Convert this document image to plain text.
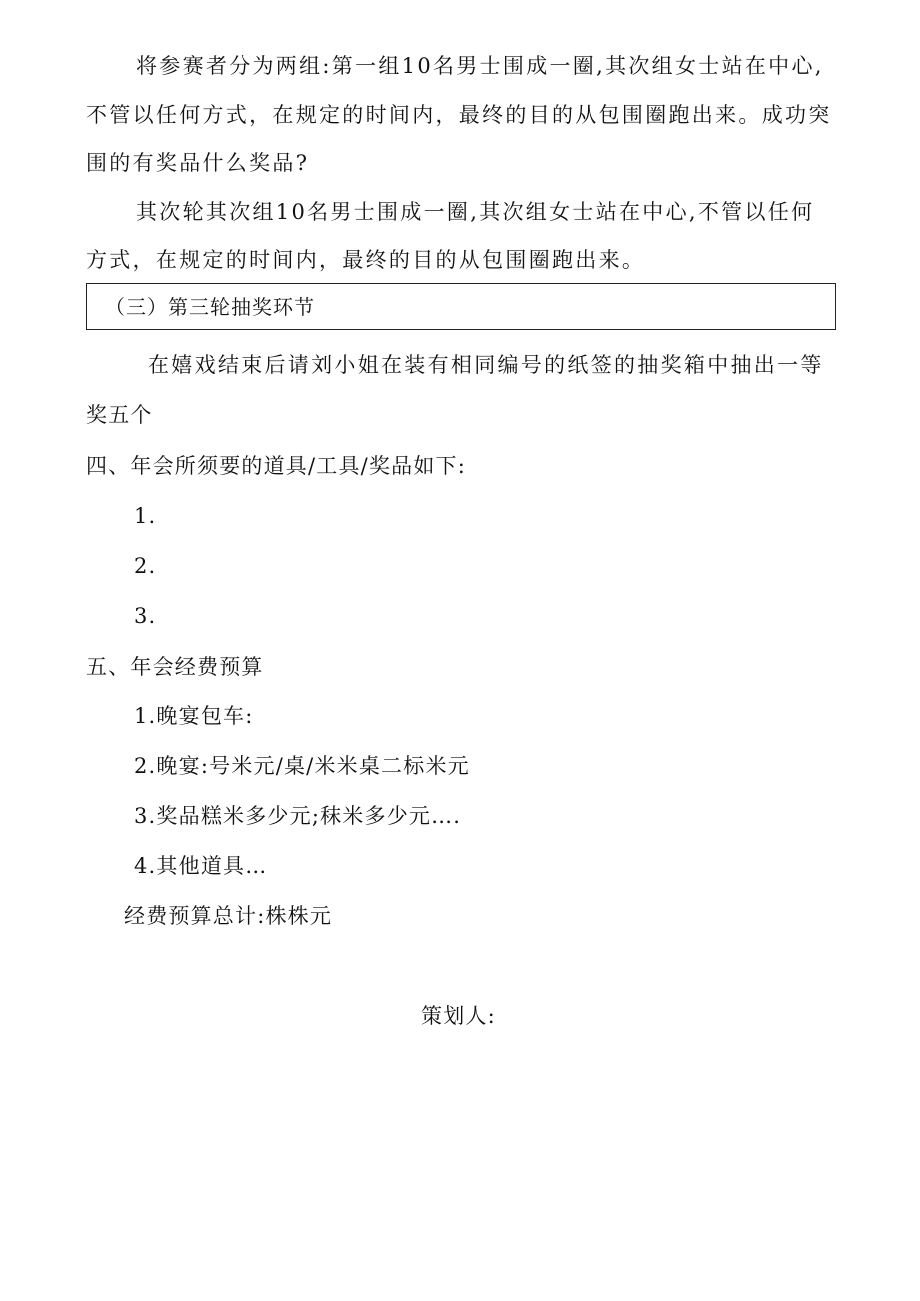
将参赛者分为两组:第一组10名男士围成一圈,其次组女士站在中心,
不管以任何方式，在规定的时间内，最终的目的从包围圈跑出来。成功突
围的有奖品什么奖品?
其次轮其次组10名男士围成一圈,其次组女士站在中心,不管以任何
方式，在规定的时间内，最终的目的从包围圈跑出来。
（三）第三轮抽奖环节
在嬉戏结束后请刘小姐在装有相同编号的纸签的抽奖箱中抽出一等
奖五个
四、年会所须要的道具/工具/奖品如下:
1.
2.
3.
五、年会经费预算
1.晚宴包车:
2.晚宴:号米元/桌/米米桌二标米元
3.奖品糕米多少元;秣米多少元….
4.其他道具…
经费预算总计:株株元
策划人:
